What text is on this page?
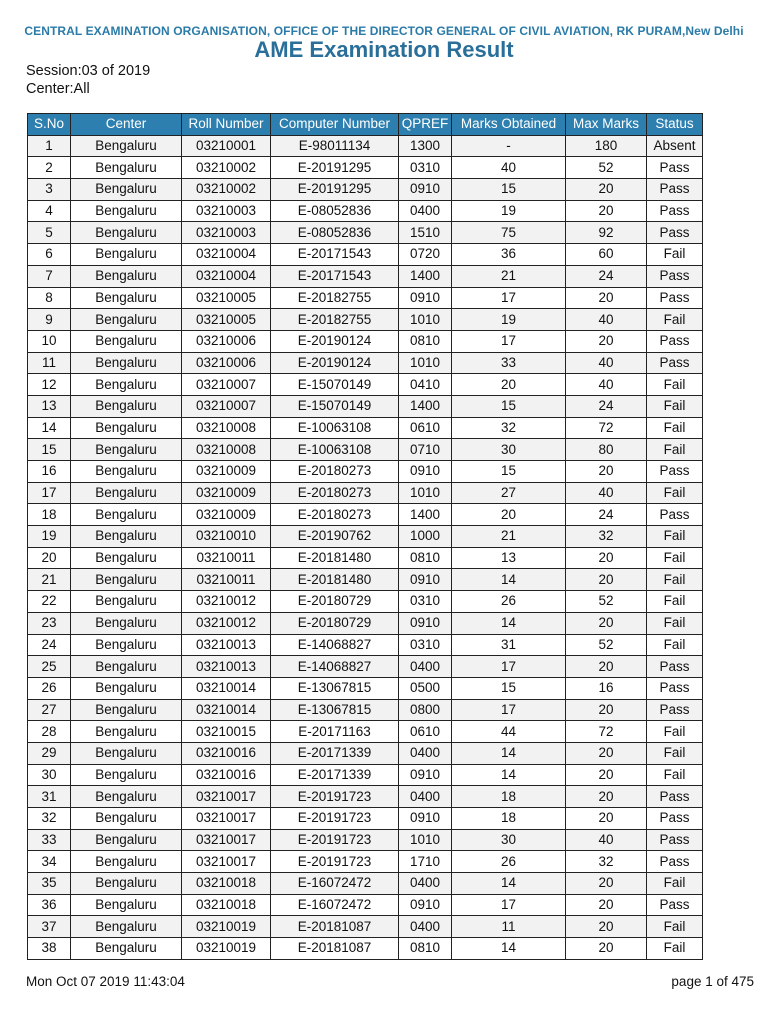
CENTRAL EXAMINATION ORGANISATION, OFFICE OF THE DIRECTOR GENERAL OF CIVIL AVIATION, RK PURAM,New Delhi
AME Examination Result
Session:03 of 2019
Center:All
S.No	Center	Roll Number	Computer Number	QPREF	Marks Obtained	Max Marks	Status
1	Bengaluru	03210001	E-98011134	1300	-	180	Absent
2	Bengaluru	03210002	E-20191295	0310	40	52	Pass
3	Bengaluru	03210002	E-20191295	0910	15	20	Pass
4	Bengaluru	03210003	E-08052836	0400	19	20	Pass
5	Bengaluru	03210003	E-08052836	1510	75	92	Pass
6	Bengaluru	03210004	E-20171543	0720	36	60	Fail
7	Bengaluru	03210004	E-20171543	1400	21	24	Pass
8	Bengaluru	03210005	E-20182755	0910	17	20	Pass
9	Bengaluru	03210005	E-20182755	1010	19	40	Fail
10	Bengaluru	03210006	E-20190124	0810	17	20	Pass
11	Bengaluru	03210006	E-20190124	1010	33	40	Pass
12	Bengaluru	03210007	E-15070149	0410	20	40	Fail
13	Bengaluru	03210007	E-15070149	1400	15	24	Fail
14	Bengaluru	03210008	E-10063108	0610	32	72	Fail
15	Bengaluru	03210008	E-10063108	0710	30	80	Fail
16	Bengaluru	03210009	E-20180273	0910	15	20	Pass
17	Bengaluru	03210009	E-20180273	1010	27	40	Fail
18	Bengaluru	03210009	E-20180273	1400	20	24	Pass
19	Bengaluru	03210010	E-20190762	1000	21	32	Fail
20	Bengaluru	03210011	E-20181480	0810	13	20	Fail
21	Bengaluru	03210011	E-20181480	0910	14	20	Fail
22	Bengaluru	03210012	E-20180729	0310	26	52	Fail
23	Bengaluru	03210012	E-20180729	0910	14	20	Fail
24	Bengaluru	03210013	E-14068827	0310	31	52	Fail
25	Bengaluru	03210013	E-14068827	0400	17	20	Pass
26	Bengaluru	03210014	E-13067815	0500	15	16	Pass
27	Bengaluru	03210014	E-13067815	0800	17	20	Pass
28	Bengaluru	03210015	E-20171163	0610	44	72	Fail
29	Bengaluru	03210016	E-20171339	0400	14	20	Fail
30	Bengaluru	03210016	E-20171339	0910	14	20	Fail
31	Bengaluru	03210017	E-20191723	0400	18	20	Pass
32	Bengaluru	03210017	E-20191723	0910	18	20	Pass
33	Bengaluru	03210017	E-20191723	1010	30	40	Pass
34	Bengaluru	03210017	E-20191723	1710	26	32	Pass
35	Bengaluru	03210018	E-16072472	0400	14	20	Fail
36	Bengaluru	03210018	E-16072472	0910	17	20	Pass
37	Bengaluru	03210019	E-20181087	0400	11	20	Fail
38	Bengaluru	03210019	E-20181087	0810	14	20	Fail
Mon Oct 07 2019 11:43:04	page 1 of 475
